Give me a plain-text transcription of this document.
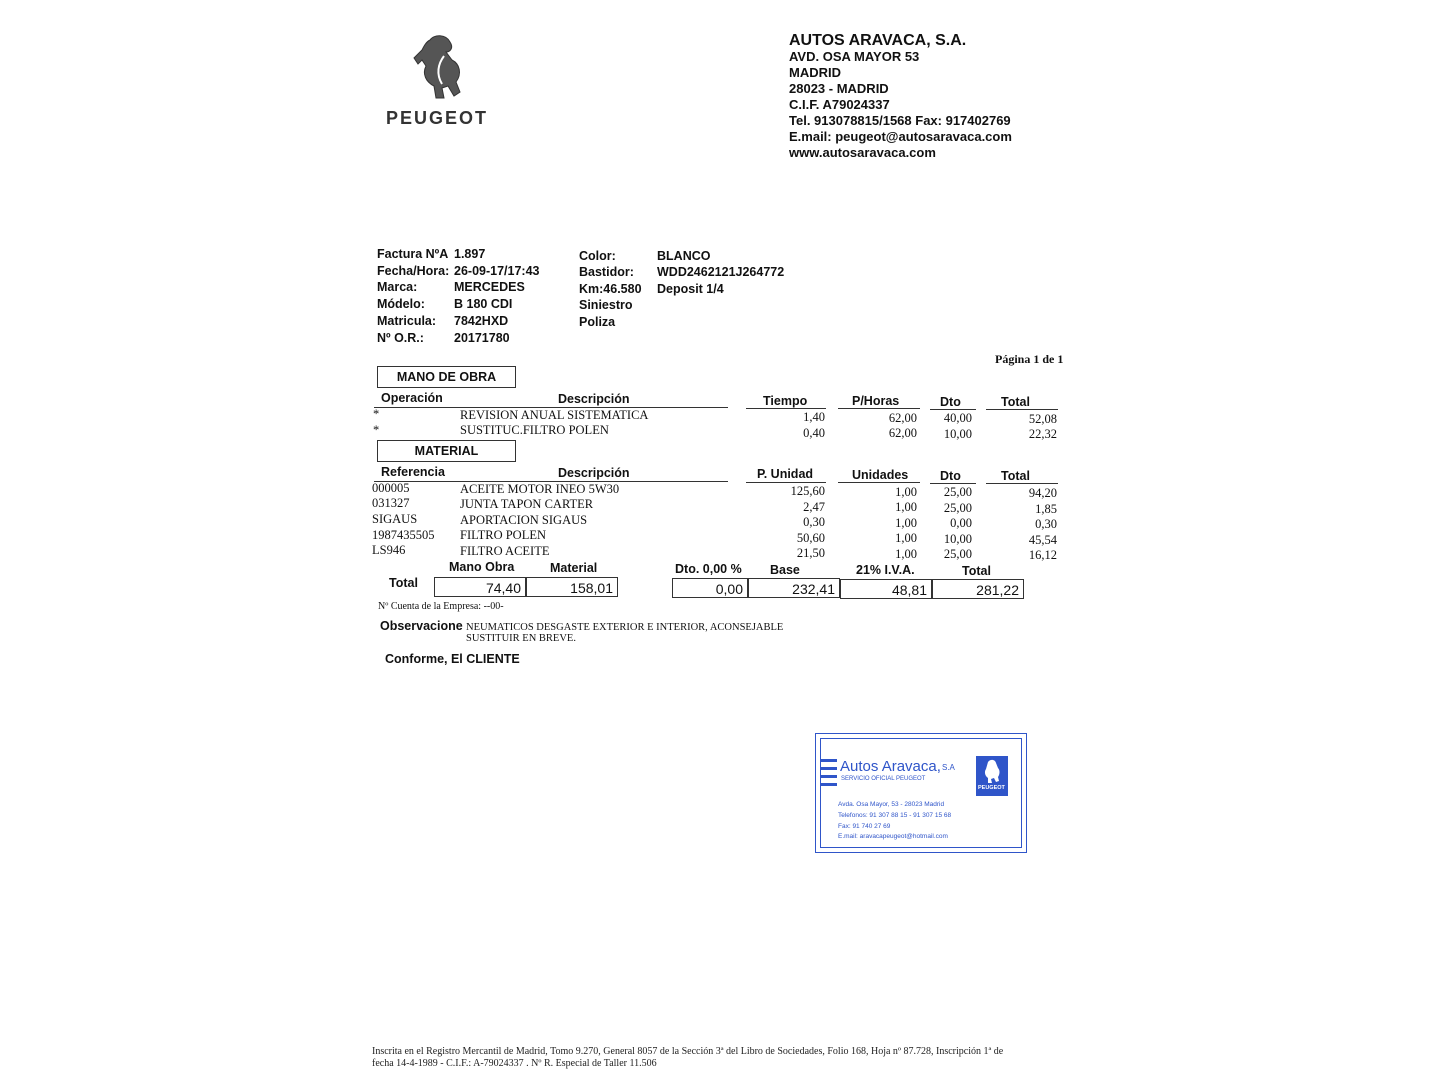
PEUGEOT
AUTOS ARAVACA, S.A.
AVD. OSA MAYOR 53
MADRID
28023 - MADRID
C.I.F. A79024337
Tel. 913078815/1568 Fax: 917402769
E.mail: peugeot@autosaravaca.com
www.autosaravaca.com
Factura NºA 1.897
Fecha/Hora: 26-09-17/17:43
Marca:	MERCEDES
Módelo: B 180 CDI
Matricula: 7842HXD
Nº O.R.: 20171780
Color:	BLANCO
Bastidor: WDD2462121J264772
Km:46.580 Deposit 1/4
Siniestro
Poliza
Página 1 de 1
MANO DE OBRA
Operación	Descripción	Tiempo	P/Horas	Dto	Total
*	REVISION ANUAL SISTEMATICA	1,40	62,00	40,00	52,08
*	SUSTITUC.FILTRO POLEN	0,40	62,00	10,00	22,32
MATERIAL
Referencia	Descripción	P. Unidad	Unidades	Dto	Total
000005	ACEITE MOTOR INEO 5W30	125,60	1,00	25,00	94,20
031327	JUNTA TAPON CARTER	2,47	1,00	25,00	1,85
SIGAUS	APORTACION SIGAUS	0,30	1,00	0,00	0,30
1987435505 FILTRO POLEN	50,60	1,00	10,00	45,54
LS946	FILTRO ACEITE	21,50	1,00	25,00	16,12
Mano Obra	Material	Dto. 0,00 % Base	21% I.V.A.	Total
Total	74,40	158,01	0,00	232,41	48,81	281,22
Nº Cuenta de la Empresa: --00-
Observacione NEUMATICOS DESGASTE EXTERIOR E INTERIOR, ACONSEJABLE
SUSTITUIR EN BREVE.
Conforme, El CLIENTE
Autos Aravaca, S.A
SERVICIO OFICIAL PEUGEOT
PEUGEOT
Avda. Osa Mayor, 53 - 28023 Madrid
Telefonos: 91 307 88 15 - 91 307 15 68
Fax: 91 740 27 69
E.mail: aravacapeugeot@hotmail.com
Inscrita en el Registro Mercantil de Madrid, Tomo 9.270, General 8057 de la Sección 3ª del Libro de Sociedades, Folio 168, Hoja nº 87.728, Inscripción 1ª de
fecha 14-4-1989 - C.I.F.: A-79024337 . Nº R. Especial de Taller 11.506
